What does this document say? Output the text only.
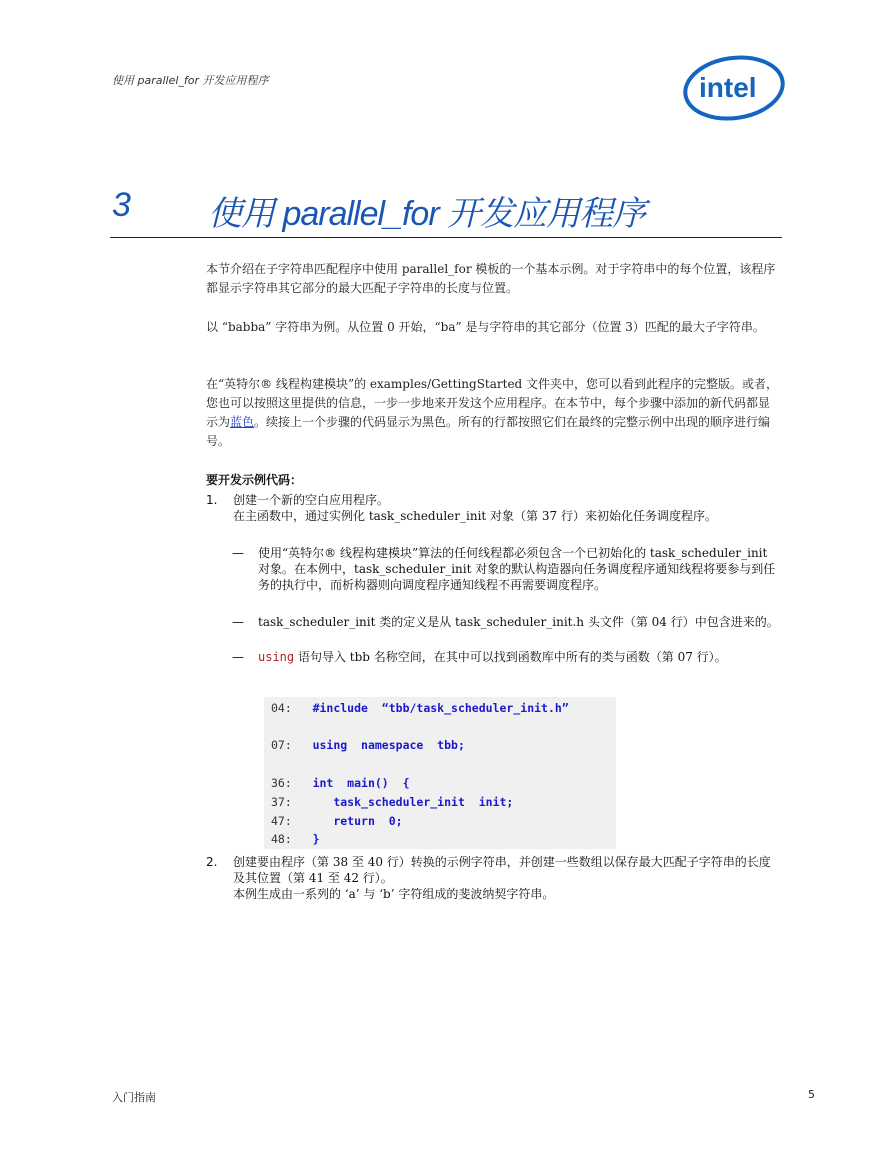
使用 parallel_for 开发应用程序	intel
3 使用 parallel_for 开发应用程序
本节介绍在子字符串匹配程序中使用 parallel_for 模板的一个基本示例。对于字符串中的每个位置，该程序都显示字符串其它部分的最大匹配子字符串的长度与位置。
以 “babba” 字符串为例。从位置 0 开始，“ba” 是与字符串的其它部分（位置 3）匹配的最大子字符串。
在“英特尔® 线程构建模块”的 examples/GettingStarted 文件夹中，您可以看到此程序的完整版。或者，您也可以按照这里提供的信息，一步一步地来开发这个应用程序。在本节中，每个步骤中添加的新代码都显示为蓝色。续接上一个步骤的代码显示为黑色。所有的行都按照它们在最终的完整示例中出现的顺序进行编号。
要开发示例代码：
1. 创建一个新的空白应用程序。
在主函数中，通过实例化 task_scheduler_init 对象（第 37 行）来初始化任务调度程序。
— 使用“英特尔® 线程构建模块”算法的任何线程都必须包含一个已初始化的 task_scheduler_init 对象。在本例中，task_scheduler_init 对象的默认构造器向任务调度程序通知线程将要参与到任务的执行中，而析构器则向调度程序通知线程不再需要调度程序。
— task_scheduler_init 类的定义是从 task_scheduler_init.h 头文件（第 04 行）中包含进来的。
— using 语句导入 tbb 名称空间，在其中可以找到函数库中所有的类与函数（第 07 行）。
04: #include  “tbb/task_scheduler_init.h”
07: using  namespace  tbb;
36: int  main()  {
37:      task_scheduler_init  init;
47:      return  0;
48: }
2. 创建要由程序（第 38 至 40 行）转换的示例字符串，并创建一些数组以保存最大匹配子字符串的长度及其位置（第 41 至 42 行）。
本例生成由一系列的 ‘a’ 与 ‘b’ 字符组成的斐波纳契字符串。
入门指南	5
